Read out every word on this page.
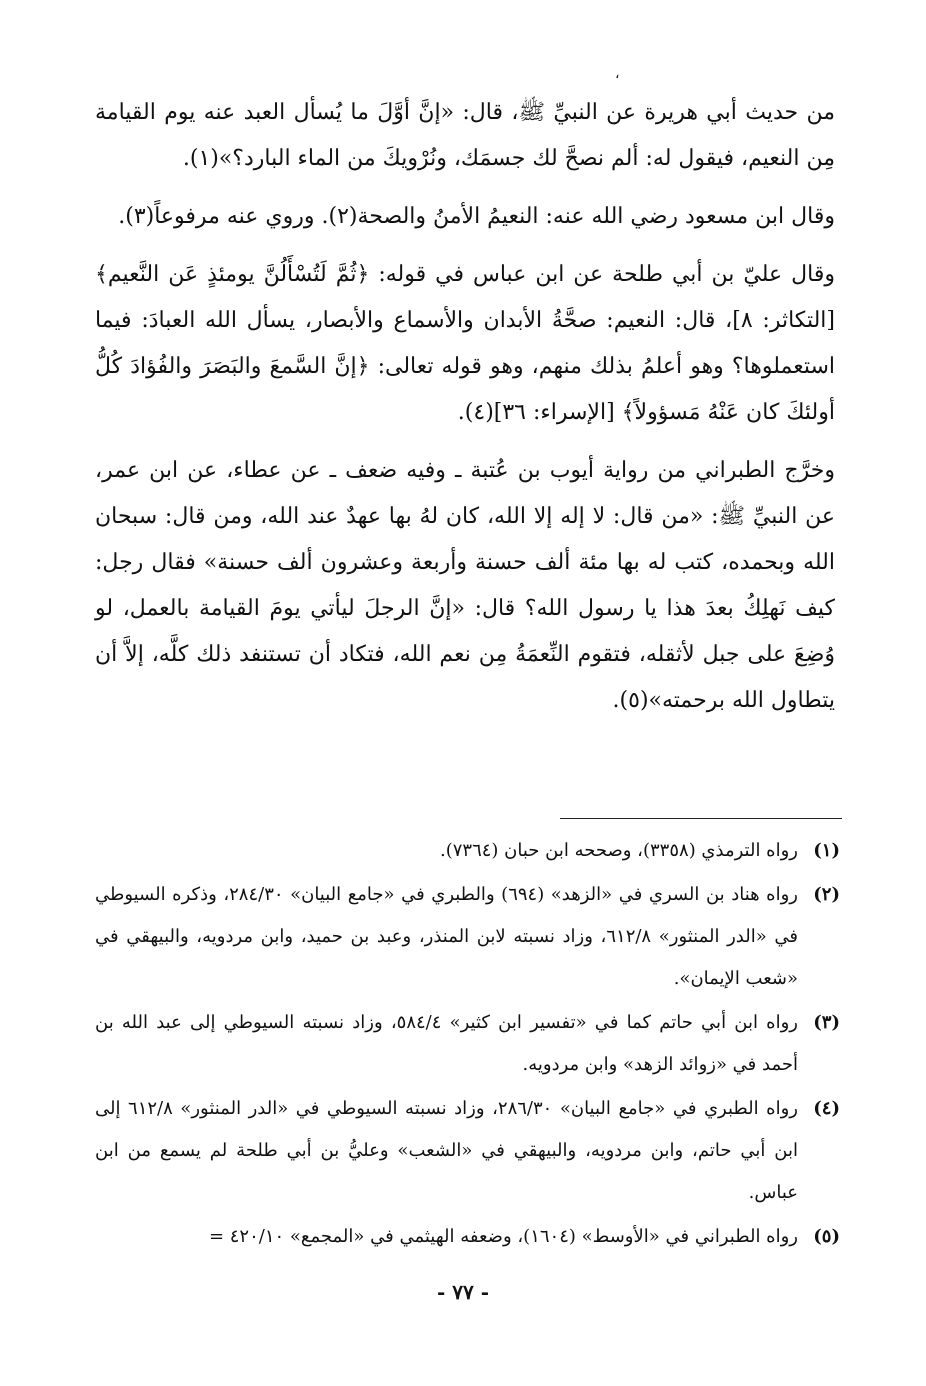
،

من حديث أبي هريرة عن النبيِّ ﷺ، قال: «إنَّ أوَّلَ ما يُسأل العبد عنه يوم القيامة مِن النعيم، فيقول له: ألم نصحَّ لك جسمَك، ونُرْويكَ من الماء البارد؟»(١).

وقال ابن مسعود رضي الله عنه: النعيمُ الأمنُ والصحة(٢). وروي عنه مرفوعاً(٣).

وقال عليّ بن أبي طلحة عن ابن عباس في قوله: ﴿ثُمَّ لَتُسْأَلُنَّ يومئذٍ عَن النَّعيم﴾ [التكاثر: ٨]، قال: النعيم: صحَّةُ الأبدان والأسماع والأبصار، يسأل الله العبادَ: فيما استعملوها؟ وهو أعلمُ بذلك منهم، وهو قوله تعالى: ﴿إنَّ السَّمعَ والبَصَرَ والفُؤادَ كُلُّ أولئكَ كان عَنْهُ مَسؤولاً﴾ [الإسراء: ٣٦](٤).

وخرَّج الطبراني من رواية أيوب بن عُتبة ـ وفيه ضعف ـ عن عطاء، عن ابن عمر، عن النبيِّ ﷺ: «من قال: لا إله إلا الله، كان لهُ بها عهدٌ عند الله، ومن قال: سبحان الله وبحمده، كتب له بها مئة ألف حسنة وأربعة وعشرون ألف حسنة» فقال رجل: كيف نَهلِكُ بعدَ هذا يا رسول الله؟ قال: «إنَّ الرجلَ ليأتي يومَ القيامة بالعمل، لو وُضِعَ على جبل لأثقله، فتقوم النِّعمَةُ مِن نعم الله، فتكاد أن تستنفد ذلك كلَّه، إلاَّ أن يتطاول الله برحمته»(٥).

(١)
رواه الترمذي (٣٣٥٨)، وصححه ابن حبان (٧٣٦٤).
(٢)
رواه هناد بن السري في «الزهد» (٦٩٤) والطبري في «جامع البيان» ٢٨٤/٣٠، وذكره السيوطي في «الدر المنثور» ٦١٢/٨، وزاد نسبته لابن المنذر، وعبد بن حميد، وابن مردويه، والبيهقي في «شعب الإيمان».
(٣)
رواه ابن أبي حاتم كما في «تفسير ابن كثير» ٥٨٤/٤، وزاد نسبته السيوطي إلى عبد الله بن أحمد في «زوائد الزهد» وابن مردويه.
(٤)
رواه الطبري في «جامع البيان» ٢٨٦/٣٠، وزاد نسبته السيوطي في «الدر المنثور» ٦١٢/٨ إلى ابن أبي حاتم، وابن مردويه، والبيهقي في «الشعب» وعليُّ بن أبي طلحة لم يسمع من ابن عباس.
(٥)
رواه الطبراني في «الأوسط» (١٦٠٤)، وضعفه الهيثمي في «المجمع» ٤٢٠/١٠ =
- ٧٧ -
